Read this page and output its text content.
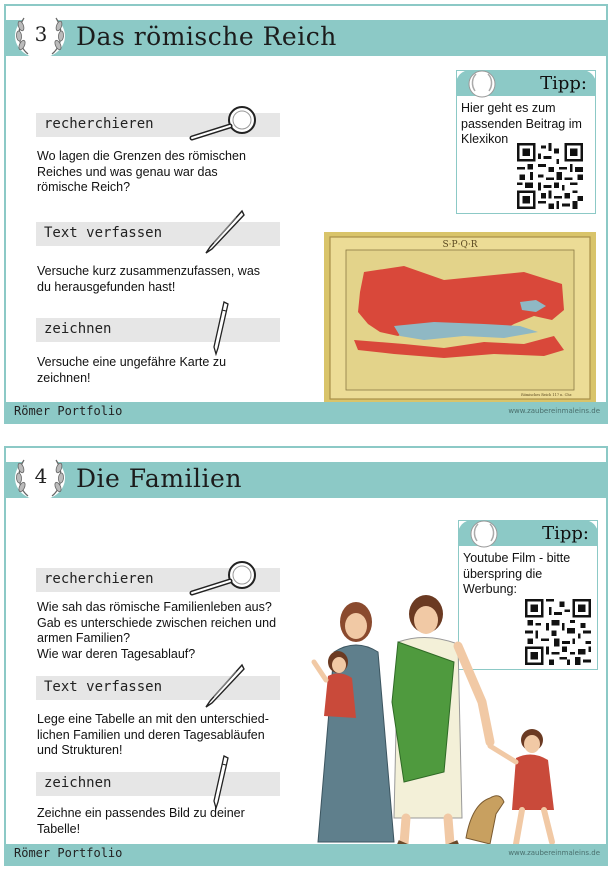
3 Das römische Reich
recherchieren
Wo lagen die Grenzen des römischen
Reiches und was genau war das
römische Reich?
Text verfassen
Versuche kurz zusammenzufassen, was
du herausgefunden hast!
zeichnen
Versuche eine ungefähre Karte zu
zeichnen!
Tipp:
Hier geht es zum
passenden Beitrag im
Klexikon
S·P·Q·R
Römisches Reich 117 n. Chr.
Römer Portfolio	www.zaubereinmaleins.de
4 Die Familien
recherchieren
Wie sah das römische Familienleben aus?
Gab es unterschiede zwischen reichen und
armen Familien?
Wie war deren Tagesablauf?
Text verfassen
Lege eine Tabelle an mit den unterschied-
lichen Familien und deren Tagesabläufen
und Strukturen!
zeichnen
Zeichne ein passendes Bild zu deiner
Tabelle!
Tipp:
Youtube Film - bitte
überspring die
Werbung:
Römer Portfolio	www.zaubereinmaleins.de
